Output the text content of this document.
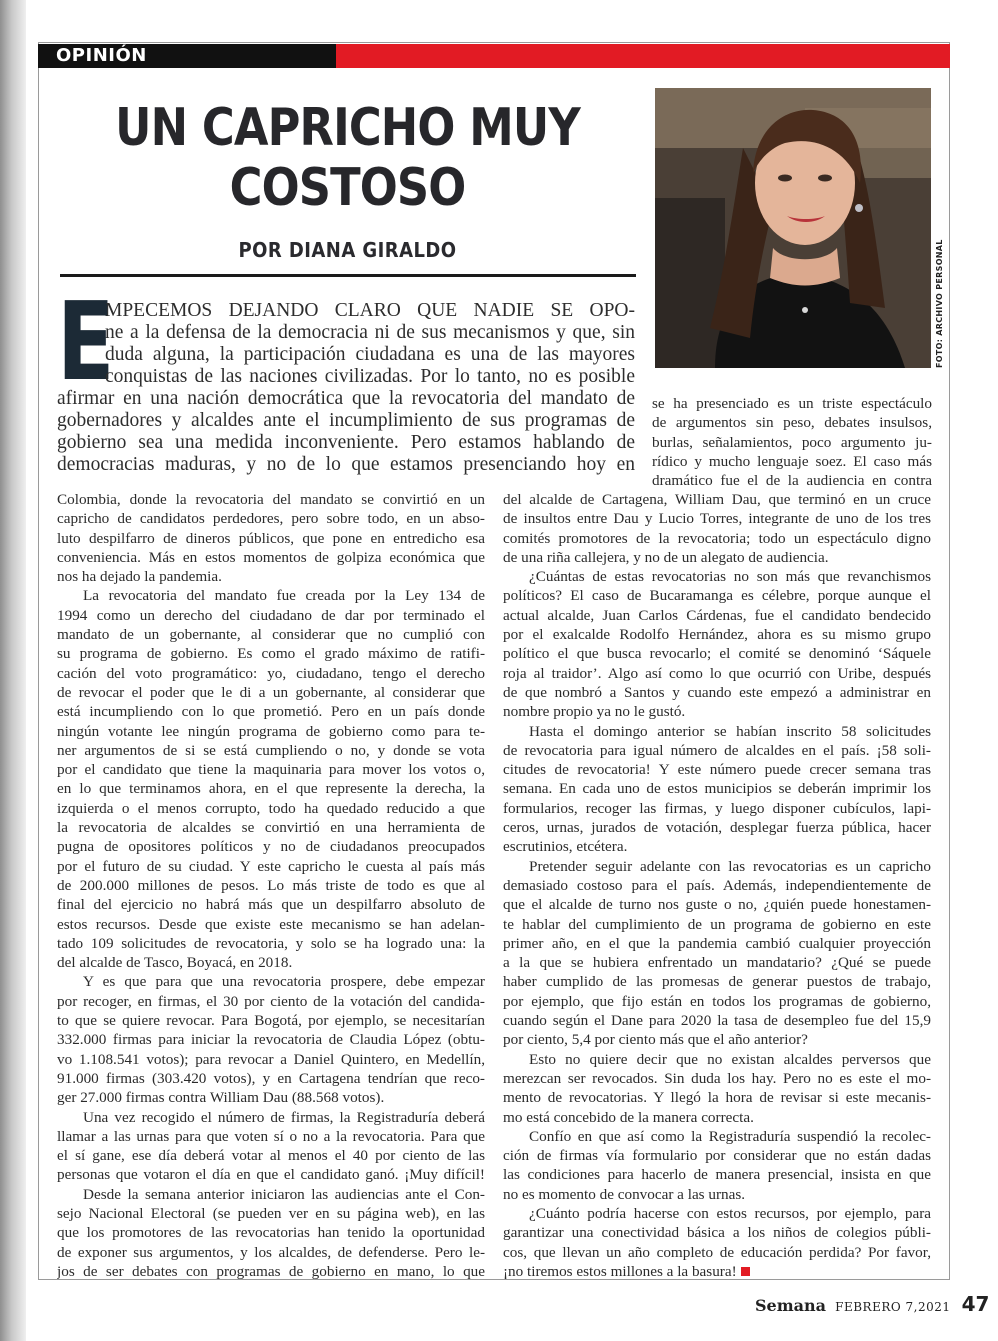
OPINIÓN
UN CAPRICHO MUY COSTOSO
POR DIANA GIRALDO	FOTO: ARCHIVO PERSONAL
E
MPECEMOS DEJANDO CLARO QUE NADIE SE OPO-
ne a la defensa de la democracia ni de sus mecanismos y que, sin
duda alguna, la participación ciudadana es una de las mayores
conquistas de las naciones civilizadas. Por lo tanto, no es posible
afirmar en una nación democrática que la revocatoria del mandato de
gobernadores y alcaldes ante el incumplimiento de sus programas de
gobierno sea una medida inconveniente. Pero estamos hablando de
democracias maduras, y no de lo que estamos presenciando hoy en
Colombia, donde la revocatoria del mandato se convirtió en un
capricho de candidatos perdedores, pero sobre todo, en un abso-
luto despilfarro de dineros públicos, que pone en entredicho esa
conveniencia. Más en estos momentos de golpiza económica que
nos ha dejado la pandemia.
La revocatoria del mandato fue creada por la Ley 134 de
1994 como un derecho del ciudadano de dar por terminado el
mandato de un gobernante, al considerar que no cumplió con
su programa de gobierno. Es como el grado máximo de ratifi-
cación del voto programático: yo, ciudadano, tengo el derecho
de revocar el poder que le di a un gobernante, al considerar que
está incumpliendo con lo que prometió. Pero en un país donde
ningún votante lee ningún programa de gobierno como para te-
ner argumentos de si se está cumpliendo o no, y donde se vota
por el candidato que tiene la maquinaria para mover los votos o,
en lo que terminamos ahora, en el que represente la derecha, la
izquierda o el menos corrupto, todo ha quedado reducido a que
la revocatoria de alcaldes se convirtió en una herramienta de
pugna de opositores políticos y no de ciudadanos preocupados
por el futuro de su ciudad. Y este capricho le cuesta al país más
de 200.000 millones de pesos. Lo más triste de todo es que al
final del ejercicio no habrá más que un despilfarro absoluto de
estos recursos. Desde que existe este mecanismo se han adelan-
tado 109 solicitudes de revocatoria, y solo se ha logrado una: la
del alcalde de Tasco, Boyacá, en 2018.
Y es que para que una revocatoria prospere, debe empezar
por recoger, en firmas, el 30 por ciento de la votación del candida-
to que se quiere revocar. Para Bogotá, por ejemplo, se necesitarían
332.000 firmas para iniciar la revocatoria de Claudia López (obtu-
vo 1.108.541 votos); para revocar a Daniel Quintero, en Medellín,
91.000 firmas (303.420 votos), y en Cartagena tendrían que reco-
ger 27.000 firmas contra William Dau (88.568 votos).
Una vez recogido el número de firmas, la Registraduría deberá
llamar a las urnas para que voten sí o no a la revocatoria. Para que
el sí gane, ese día deberá votar al menos el 40 por ciento de las
personas que votaron el día en que el candidato ganó. ¡Muy difícil!
Desde la semana anterior iniciaron las audiencias ante el Con-
sejo Nacional Electoral (se pueden ver en su página web), en las
que los promotores de las revocatorias han tenido la oportunidad
de exponer sus argumentos, y los alcaldes, de defenderse. Pero le-
jos de ser debates con programas de gobierno en mano, lo que
se ha presenciado es un triste espectáculo
de argumentos sin peso, debates insulsos,
burlas, señalamientos, poco argumento ju-
rídico y mucho lenguaje soez. El caso más
dramático fue el de la audiencia en contra
del alcalde de Cartagena, William Dau, que terminó en un cruce
de insultos entre Dau y Lucio Torres, integrante de uno de los tres
comités promotores de la revocatoria; todo un espectáculo digno
de una riña callejera, y no de un alegato de audiencia.
¿Cuántas de estas revocatorias no son más que revanchismos
políticos? El caso de Bucaramanga es célebre, porque aunque el
actual alcalde, Juan Carlos Cárdenas, fue el candidato bendecido
por el exalcalde Rodolfo Hernández, ahora es su mismo grupo
político el que busca revocarlo; el comité se denominó ‘Sáquele
roja al traidor’. Algo así como lo que ocurrió con Uribe, después
de que nombró a Santos y cuando este empezó a administrar en
nombre propio ya no le gustó.
Hasta el domingo anterior se habían inscrito 58 solicitudes
de revocatoria para igual número de alcaldes en el país. ¡58 soli-
citudes de revocatoria! Y este número puede crecer semana tras
semana. En cada uno de estos municipios se deberán imprimir los
formularios, recoger las firmas, y luego disponer cubículos, lapi-
ceros, urnas, jurados de votación, desplegar fuerza pública, hacer
escrutinios, etcétera.
Pretender seguir adelante con las revocatorias es un capricho
demasiado costoso para el país. Además, independientemente de
que el alcalde de turno nos guste o no, ¿quién puede honestamen-
te hablar del cumplimiento de un programa de gobierno en este
primer año, en el que la pandemia cambió cualquier proyección
a la que se hubiera enfrentado un mandatario? ¿Qué se puede
haber cumplido de las promesas de generar puestos de trabajo,
por ejemplo, que fijo están en todos los programas de gobierno,
cuando según el Dane para 2020 la tasa de desempleo fue del 15,9
por ciento, 5,4 por ciento más que el año anterior?
Esto no quiere decir que no existan alcaldes perversos que
merezcan ser revocados. Sin duda los hay. Pero no es este el mo-
mento de revocatorias. Y llegó la hora de revisar si este mecanis-
mo está concebido de la manera correcta.
Confío en que así como la Registraduría suspendió la recolec-
ción de firmas vía formulario por considerar que no están dadas
las condiciones para hacerlo de manera presencial, insista en que
no es momento de convocar a las urnas.
¿Cuánto podría hacerse con estos recursos, por ejemplo, para
garantizar una conectividad básica a los niños de colegios públi-
cos, que llevan un año completo de educación perdida? Por favor,
¡no tiremos estos millones a la basura!
Semana FEBRERO 7,2021 47
